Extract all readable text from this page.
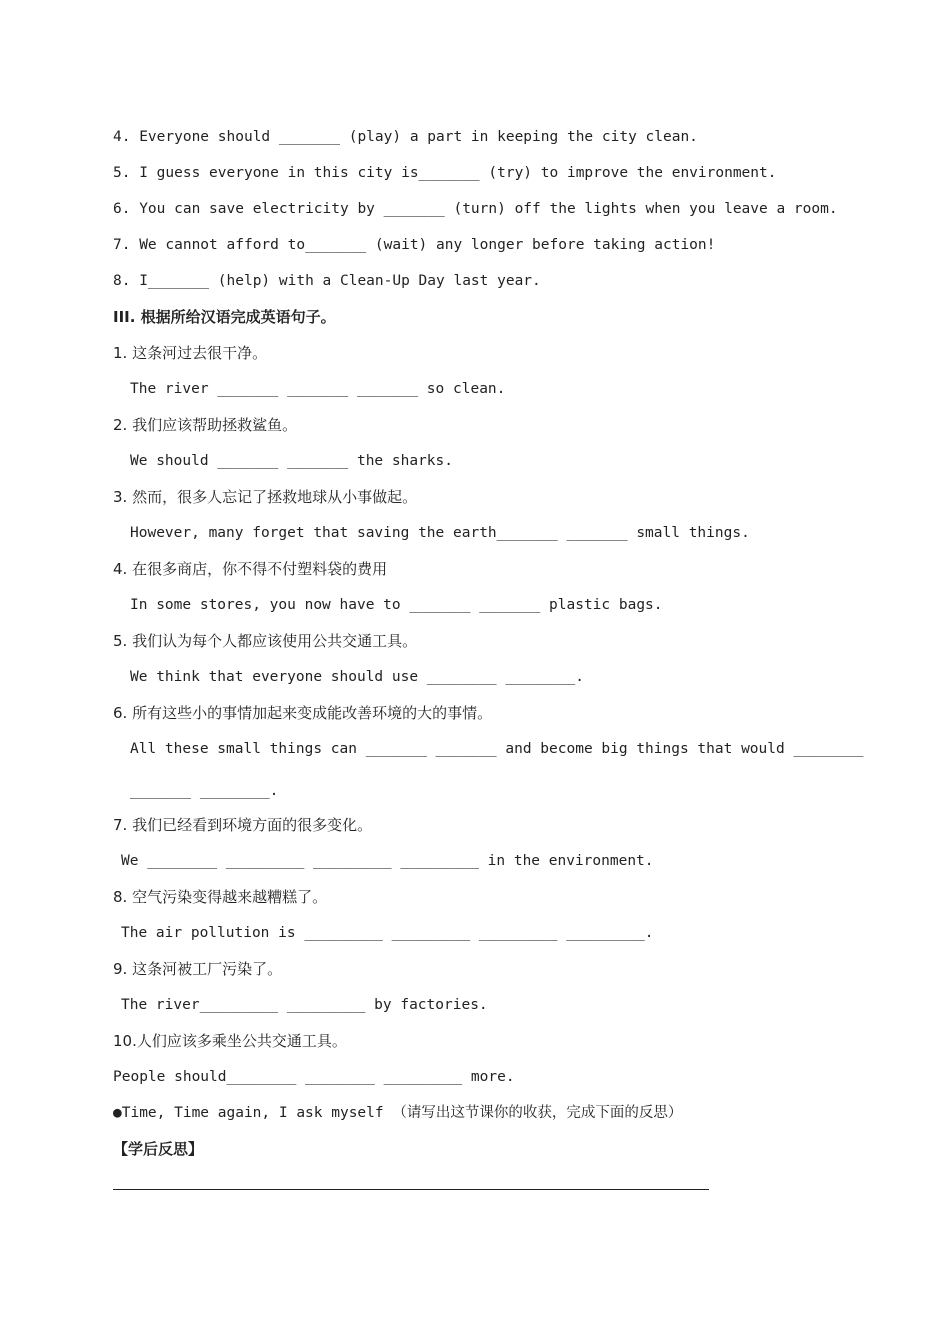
4. Everyone should _______ (play) a part in keeping the city clean.
5. I guess everyone in this city is_______ (try) to improve the environment.
6. You can save electricity by _______ (turn) off the lights when you leave a room.
7. We cannot afford to_______ (wait) any longer before taking action!
8. I_______ (help) with a Clean-Up Day last year.
III. 根据所给汉语完成英语句子。
1. 这条河过去很干净。
The river _______ _______ _______ so clean.
2. 我们应该帮助拯救鲨鱼。
We should _______ _______ the sharks.
3. 然而，很多人忘记了拯救地球从小事做起。
However, many forget that saving the earth_______ _______ small things.
4. 在很多商店，你不得不付塑料袋的费用
In some stores, you now have to _______ _______ plastic bags.
5. 我们认为每个人都应该使用公共交通工具。
We think that everyone should use ________ ________.
6. 所有这些小的事情加起来变成能改善环境的大的事情。
All these small things can _______ _______ and become big things that would ________
_______ ________.
7. 我们已经看到环境方面的很多变化。
We ________ _________ _________ _________ in the environment.
8. 空气污染变得越来越糟糕了。
The air pollution is _________ _________ _________ _________.
9. 这条河被工厂污染了。
The river_________ _________ by factories.
10.人们应该多乘坐公共交通工具。
People should________ ________ _________ more.
●Time, Time again, I ask myself （请写出这节课你的收获，完成下面的反思）
【学后反思】
